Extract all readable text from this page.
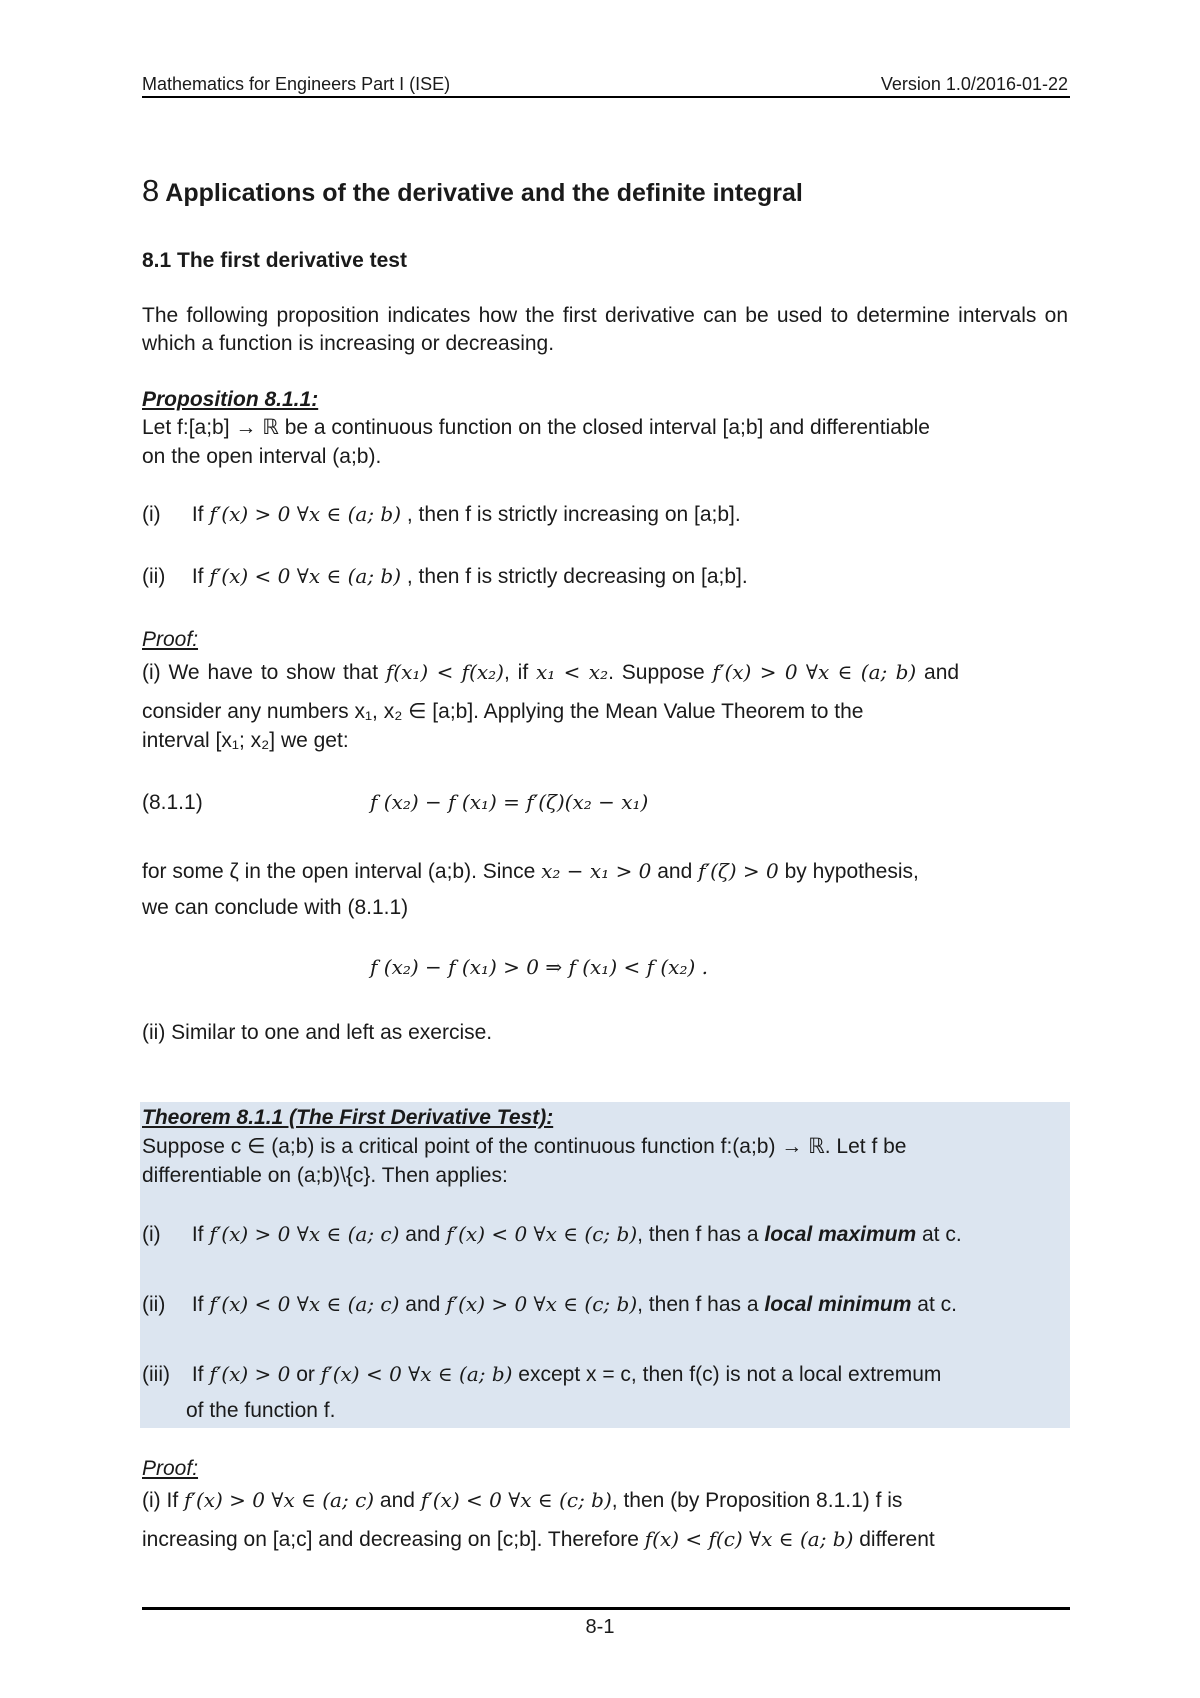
Mathematics for Engineers Part I (ISE)	Version 1.0/2016-01-22
8 Applications of the derivative and the definite integral
8.1 The first derivative test
The following proposition indicates how the first derivative can be used to determine intervals on which a function is increasing or decreasing.
Proposition 8.1.1:
Let f:[a;b] → ℝ be a continuous function on the closed interval [a;b] and differentiable
on the open interval (a;b).
(i) If f′(x) > 0 ∀x ∈ (a; b) , then f is strictly increasing on [a;b].
(ii) If f′(x) < 0 ∀x ∈ (a; b) , then f is strictly decreasing on [a;b].
Proof:
(i) We have to show that f(x₁) < f(x₂), if x₁ < x₂. Suppose f′(x) > 0 ∀x ∈ (a; b) and
consider any numbers x₁, x₂ ∈ [a;b]. Applying the Mean Value Theorem to the
interval [x₁; x₂] we get:
(8.1.1)	f (x₂) − f (x₁) = f′(ζ)(x₂ − x₁)
for some ζ in the open interval (a;b). Since x₂ − x₁ > 0 and f′(ζ) > 0 by hypothesis,
we can conclude with (8.1.1)
f (x₂) − f (x₁) > 0 ⇒ f (x₁) < f (x₂) .
(ii) Similar to one and left as exercise.
Theorem 8.1.1 (The First Derivative Test):
Suppose c ∈ (a;b) is a critical point of the continuous function f:(a;b) → ℝ. Let f be
differentiable on (a;b)\{c}. Then applies:
(i) If f′(x) > 0 ∀x ∈ (a; c) and f′(x) < 0 ∀x ∈ (c; b), then f has a local maximum at c.
(ii) If f′(x) < 0 ∀x ∈ (a; c) and f′(x) > 0 ∀x ∈ (c; b), then f has a local minimum at c.
(iii) If f′(x) > 0 or f′(x) < 0 ∀x ∈ (a; b) except x = c, then f(c) is not a local extremum
of the function f.
Proof:
(i) If f′(x) > 0 ∀x ∈ (a; c) and f′(x) < 0 ∀x ∈ (c; b), then (by Proposition 8.1.1) f is
increasing on [a;c] and decreasing on [c;b]. Therefore f(x) < f(c) ∀x ∈ (a; b) different
8-1
